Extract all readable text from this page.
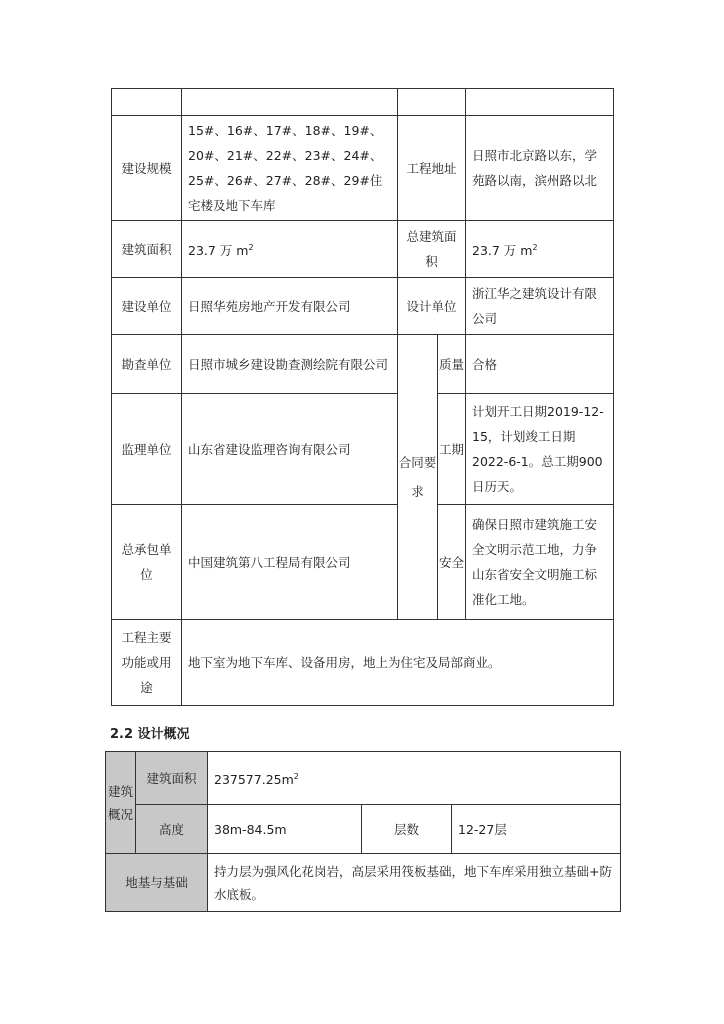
建设规模	15#、16#、17#、18#、19#、20#、21#、22#、23#、24#、25#、26#、27#、28#、29#住宅楼及地下车库	工程地址		日照市北京路以东，学苑路以南，滨州路以北
建筑面积	23.7 万 $m^2$	总建筑面积		23.7 万 $m^2$
建设单位	日照华苑房地产开发有限公司	设计单位		浙江华之建筑设计有限公司
勘查单位	日照市城乡建设勘查测绘院有限公司	合同要求	质量	合格
监理单位	山东省建设监理咨询有限公司		工期	计划开工日期2019-12-15，计划竣工日期 2022-6-1。总工期900 日历天。
总承包单位	中国建筑第八工程局有限公司		安全	确保日照市建筑施工安全文明示范工地，力争山东省安全文明施工标准化工地。
工程主要功能或用途	地下室为地下车库、设备用房，地上为住宅及局部商业。			
2.2 设计概况
建筑概况	建筑面积	$237577.25m^2$
	高度	38m-84.5m	层数	12-27层
地基与基础		持力层为强风化花岗岩，高层采用筏板基础，地下车库采用独立基础+防水底板。		
